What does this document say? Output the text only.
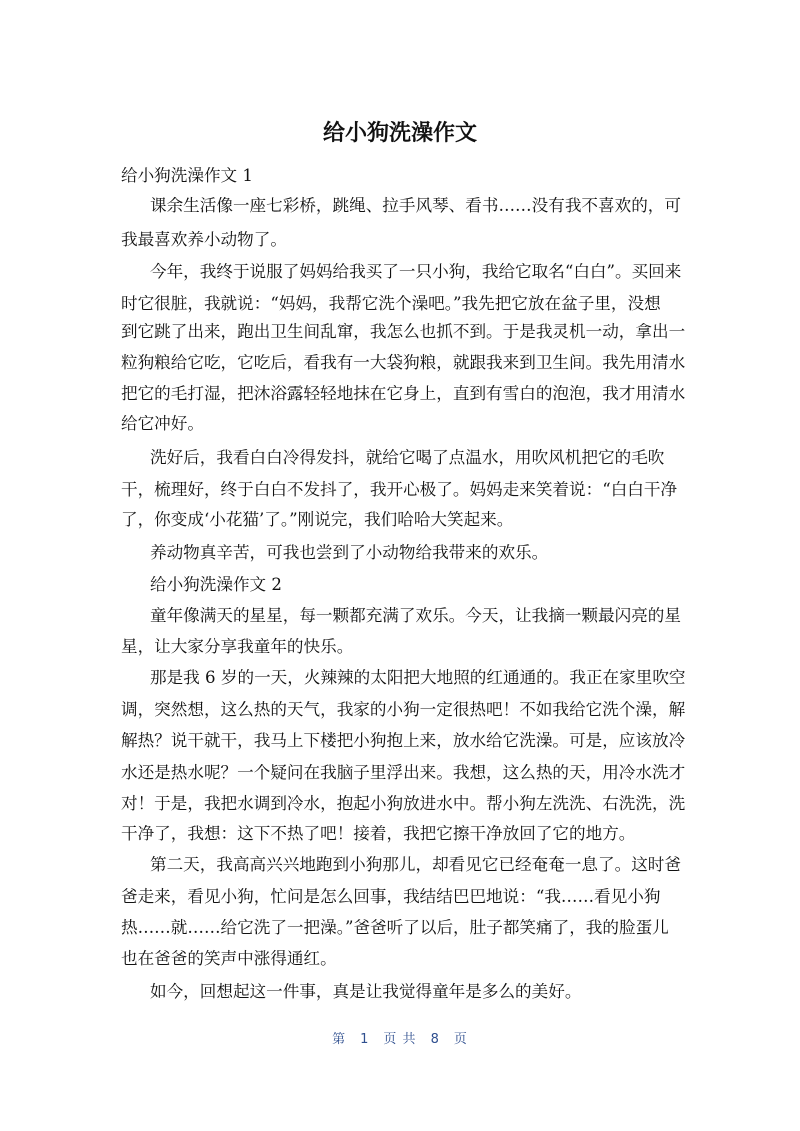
给小狗洗澡作文
给小狗洗澡作文 1
课余生活像一座七彩桥，跳绳、拉手风琴、看书……没有我不喜欢的，可
我最喜欢养小动物了。
今年，我终于说服了妈妈给我买了一只小狗，我给它取名“白白”。买回来
时它很脏，我就说：“妈妈，我帮它洗个澡吧。”我先把它放在盆子里，没想
到它跳了出来，跑出卫生间乱窜，我怎么也抓不到。于是我灵机一动，拿出一
粒狗粮给它吃，它吃后，看我有一大袋狗粮，就跟我来到卫生间。我先用清水
把它的毛打湿，把沐浴露轻轻地抹在它身上，直到有雪白的泡泡，我才用清水
给它冲好。
洗好后，我看白白冷得发抖，就给它喝了点温水，用吹风机把它的毛吹
干，梳理好，终于白白不发抖了，我开心极了。妈妈走来笑着说：“白白干净
了，你变成‘小花猫’了。”刚说完，我们哈哈大笑起来。
养动物真辛苦，可我也尝到了小动物给我带来的欢乐。
给小狗洗澡作文 2
童年像满天的星星，每一颗都充满了欢乐。今天，让我摘一颗最闪亮的星
星，让大家分享我童年的快乐。
那是我 6 岁的一天，火辣辣的太阳把大地照的红通通的。我正在家里吹空
调，突然想，这么热的天气，我家的小狗一定很热吧！不如我给它洗个澡，解
解热？说干就干，我马上下楼把小狗抱上来，放水给它洗澡。可是，应该放冷
水还是热水呢？一个疑问在我脑子里浮出来。我想，这么热的天，用冷水洗才
对！于是，我把水调到冷水，抱起小狗放进水中。帮小狗左洗洗、右洗洗，洗
干净了，我想：这下不热了吧！接着，我把它擦干净放回了它的地方。
第二天，我高高兴兴地跑到小狗那儿，却看见它已经奄奄一息了。这时爸
爸走来，看见小狗，忙问是怎么回事，我结结巴巴地说：“我……看见小狗
热……就……给它洗了一把澡。”爸爸听了以后，肚子都笑痛了，我的脸蛋儿
也在爸爸的笑声中涨得通红。
如今，回想起这一件事，真是让我觉得童年是多么的美好。
第 1 页 共 8 页
